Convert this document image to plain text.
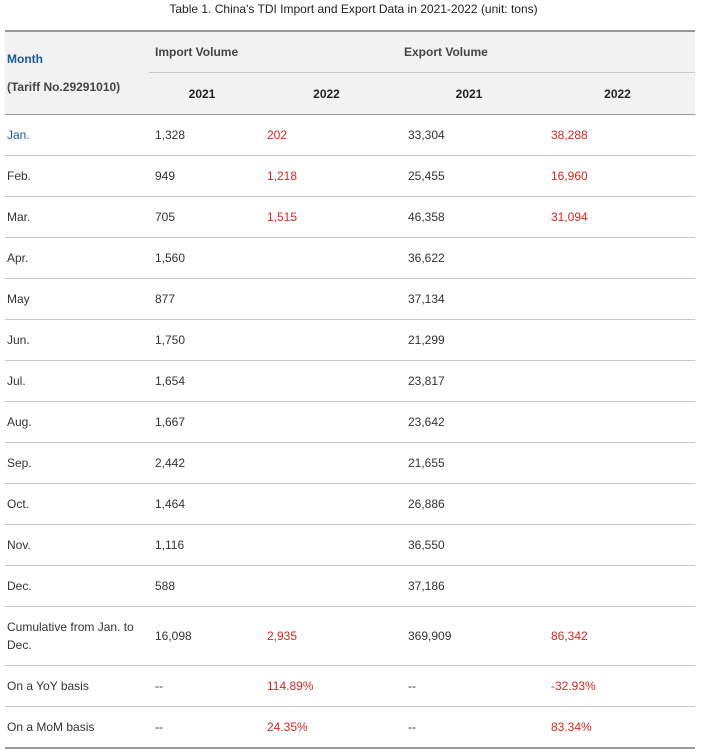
Table 1. China's TDI Import and Export Data in 2021-2022 (unit: tons)
Month
(Tariff No.29291010)	Import Volume		Export Volume	
	2021	2022	2021	2022
Jan.	1,328	202	33,304	38,288
Feb.	949	1,218	25,455	16,960
Mar.	705	1,515	46,358	31,094
Apr.	1,560		36,622	
May	877		37,134	
Jun.	1,750		21,299	
Jul.	1,654		23,817	
Aug.	1,667		23,642	
Sep.	2,442		21,655	
Oct.	1,464		26,886	
Nov.	1,116		36,550	
Dec.	588		37,186	
Cumulative from Jan. to Dec.	16,098	2,935	369,909	86,342
On a YoY basis	--	114.89%	--	-32.93%
On a MoM basis	--	24.35%	--	83.34%
